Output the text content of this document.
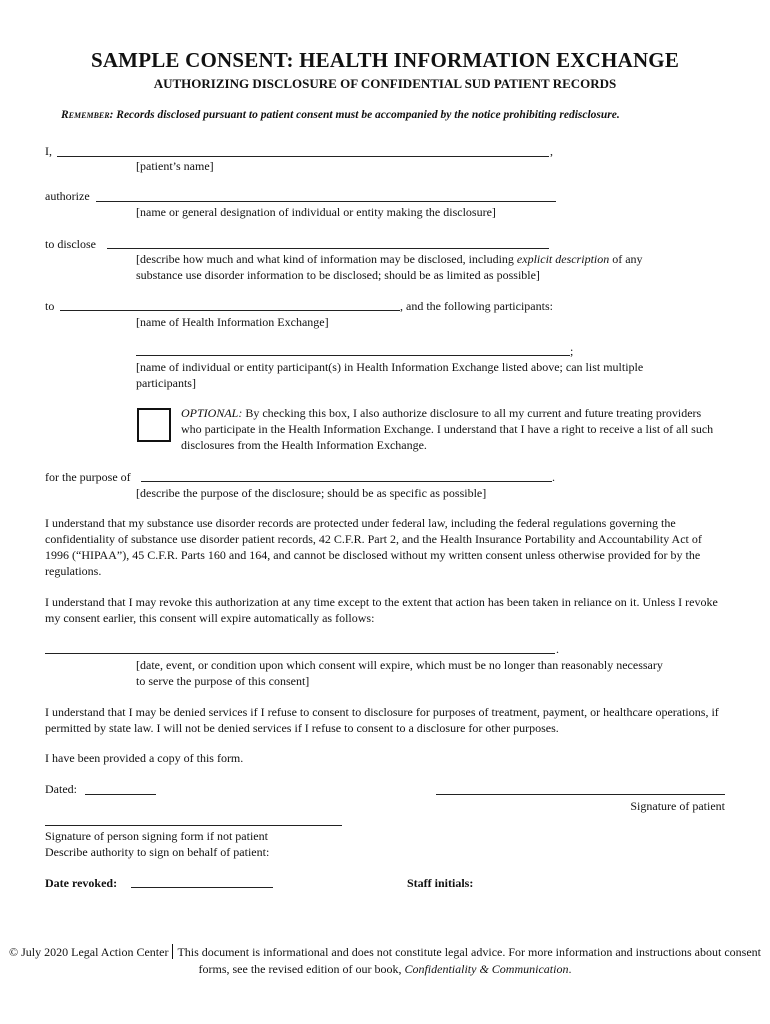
SAMPLE CONSENT: HEALTH INFORMATION EXCHANGE
AUTHORIZING DISCLOSURE OF CONFIDENTIAL SUD PATIENT RECORDS
Remember: Records disclosed pursuant to patient consent must be accompanied by the notice prohibiting redisclosure.
I,	,
[patient’s name]
authorize
[name or general designation of individual or entity making the disclosure]
to disclose
[describe how much and what kind of information may be disclosed, including explicit description of any
substance use disorder information to be disclosed; should be as limited as possible]
to	, and the following participants:
[name of Health Information Exchange]
;
[name of individual or entity participant(s) in Health Information Exchange listed above; can list multiple
participants]
OPTIONAL: By checking this box, I also authorize disclosure to all my current and future treating providers who participate in the Health Information Exchange. I understand that I have a right to receive a list of all such disclosures from the Health Information Exchange.
for the purpose of	.
[describe the purpose of the disclosure; should be as specific as possible]
I understand that my substance use disorder records are protected under federal law, including the federal regulations governing the confidentiality of substance use disorder patient records, 42 C.F.R. Part 2, and the Health Insurance Portability and Accountability Act of 1996 (“HIPAA”), 45 C.F.R. Parts 160 and 164, and cannot be disclosed without my written consent unless otherwise provided for by the regulations.
I understand that I may revoke this authorization at any time except to the extent that action has been taken in reliance on it. Unless I revoke my consent earlier, this consent will expire automatically as follows:
.
[date, event, or condition upon which consent will expire, which must be no longer than reasonably necessary
to serve the purpose of this consent]
I understand that I may be denied services if I refuse to consent to disclosure for purposes of treatment, payment, or healthcare operations, if permitted by state law. I will not be denied services if I refuse to consent to a disclosure for other purposes.
I have been provided a copy of this form.
Dated:
Signature of patient
Signature of person signing form if not patient
Describe authority to sign on behalf of patient:
Date revoked:	Staff initials:
© July 2020 Legal Action Center This document is informational and does not constitute legal advice. For more information and instructions about consent forms, see the revised edition of our book, Confidentiality & Communication.
